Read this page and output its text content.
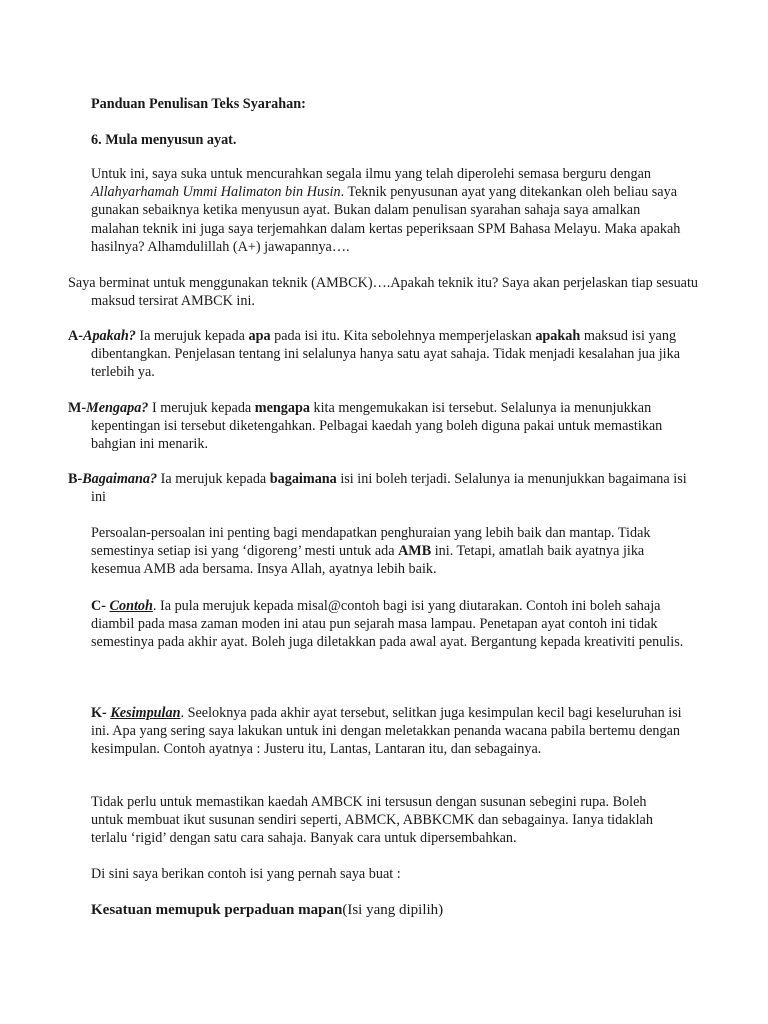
Panduan Penulisan Teks Syarahan:

6. Mula menyusun ayat.

Untuk ini, saya suka untuk mencurahkan segala ilmu yang telah diperolehi semasa berguru dengan Allahyarhamah Ummi Halimaton bin Husin. Teknik penyusunan ayat yang ditekankan oleh beliau saya gunakan sebaiknya ketika menyusun ayat. Bukan dalam penulisan syarahan sahaja saya amalkan malahan teknik ini juga saya terjemahkan dalam kertas peperiksaan SPM Bahasa Melayu. Maka apakah hasilnya? Alhamdulillah (A+) jawapannya….

Saya berminat untuk menggunakan teknik (AMBCK)….Apakah teknik itu? Saya akan perjelaskan tiap sesuatu maksud tersirat AMBCK ini.

A-Apakah? Ia merujuk kepada apa pada isi itu. Kita sebolehnya memperjelaskan apakah maksud isi yang dibentangkan. Penjelasan tentang ini selalunya hanya satu ayat sahaja. Tidak menjadi kesalahan jua jika terlebih ya.

M-Mengapa? I merujuk kepada mengapa kita mengemukakan isi tersebut. Selalunya ia menunjukkan kepentingan isi tersebut diketengahkan. Pelbagai kaedah yang boleh diguna pakai untuk memastikan bahgian ini menarik.

B-Bagaimana? Ia merujuk kepada bagaimana isi ini boleh terjadi. Selalunya ia menunjukkan bagaimana isi ini

Persoalan-persoalan ini penting bagi mendapatkan penghuraian yang lebih baik dan mantap. Tidak semestinya setiap isi yang ‘digoreng’ mesti untuk ada AMB ini. Tetapi, amatlah baik ayatnya jika kesemua AMB ada bersama. Insya Allah, ayatnya lebih baik.

C- Contoh. Ia pula merujuk kepada misal@contoh bagi isi yang diutarakan. Contoh ini boleh sahaja diambil pada masa zaman moden ini atau pun sejarah masa lampau. Penetapan ayat contoh ini tidak semestinya pada akhir ayat. Boleh juga diletakkan pada awal ayat. Bergantung kepada kreativiti penulis.

K- Kesimpulan. Seeloknya pada akhir ayat tersebut, selitkan juga kesimpulan kecil bagi keseluruhan isi ini. Apa yang sering saya lakukan untuk ini dengan meletakkan penanda wacana pabila bertemu dengan kesimpulan. Contoh ayatnya : Justeru itu, Lantas, Lantaran itu, dan sebagainya.

Tidak perlu untuk memastikan kaedah AMBCK ini tersusun dengan susunan sebegini rupa. Boleh untuk membuat ikut susunan sendiri seperti, ABMCK, ABBKCMK dan sebagainya. Ianya tidaklah terlalu ‘rigid’ dengan satu cara sahaja. Banyak cara untuk dipersembahkan.

Di sini saya berikan contoh isi yang pernah saya buat :

Kesatuan memupuk perpaduan mapan(Isi yang dipilih)
